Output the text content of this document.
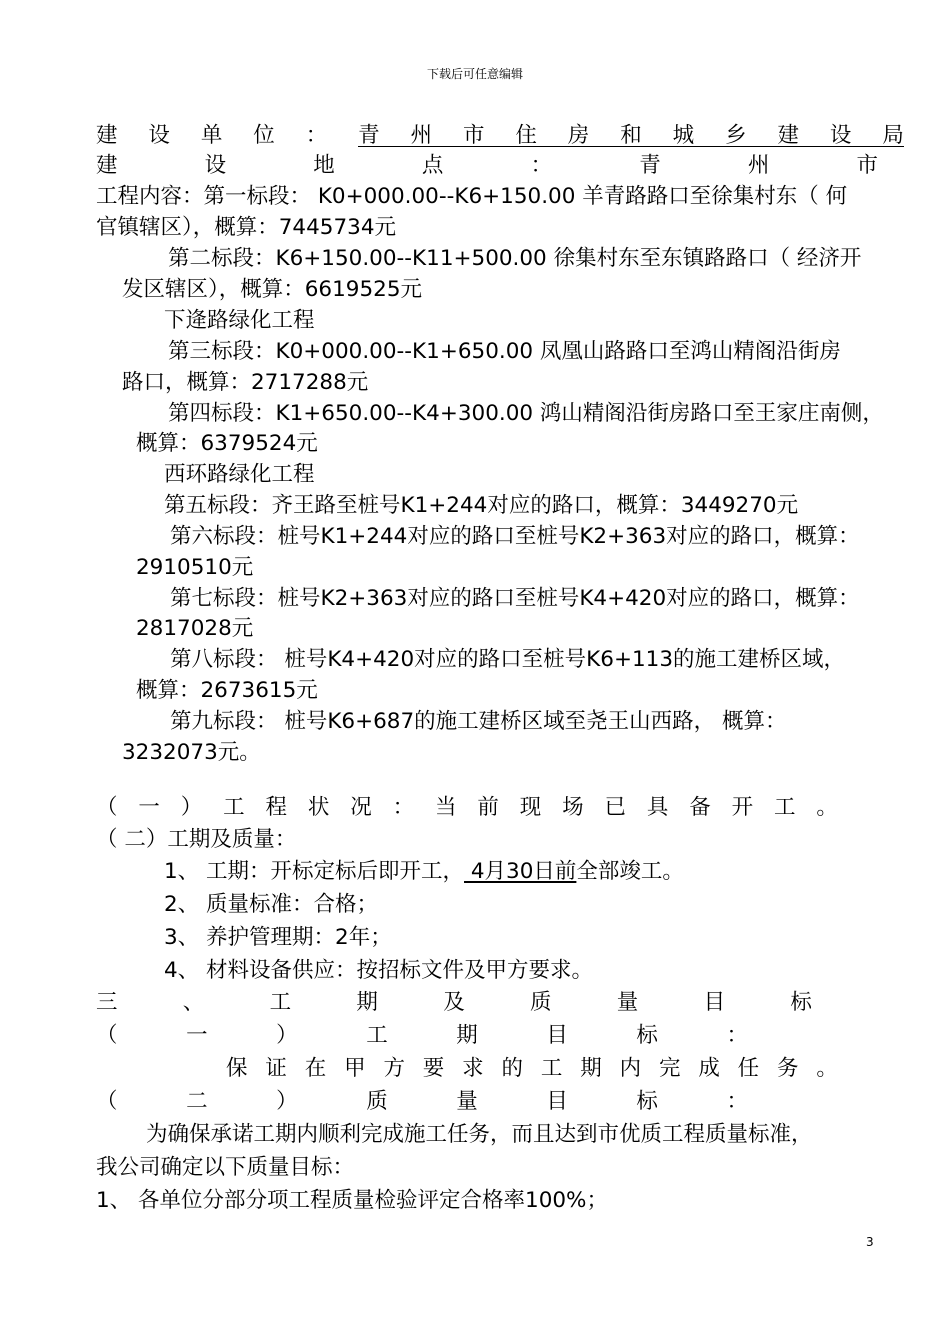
下载后可任意编辑
建 设 单 位 ： 青 州 市 住 房 和 城 乡 建 设 局
建	设	地	点	：	青	州	市
工程内容：第一标段： K0+000.00--K6+150.00 羊青路路口至徐集村东（ 何
官镇辖区），概算：7445734元
第二标段：K6+150.00--K11+500.00 徐集村东至东镇路路口（ 经济开
发区辖区），概算：6619525元
下逄路绿化工程
第三标段：K0+000.00--K1+650.00 凤凰山路路口至鸿山精阁沿街房
路口，概算：2717288元
第四标段：K1+650.00--K4+300.00 鸿山精阁沿街房路口至王家庄南侧，
概算：6379524元
西环路绿化工程
第五标段：齐王路至桩号K1+244对应的路口，概算：3449270元
第六标段：桩号K1+244对应的路口至桩号K2+363对应的路口，概算：
2910510元
第七标段：桩号K2+363对应的路口至桩号K4+420对应的路口，概算：
2817028元
第八标段： 桩号K4+420对应的路口至桩号K6+113的施工建桥区域，
概算：2673615元
第九标段： 桩号K6+687的施工建桥区域至尧王山西路， 概算：
3232073元。
（ 一 ） 工 程 状 况 ： 当 前 现 场 已 具 备 开 工 。
（ 二）工期及质量：
1、 工期：开标定标后即开工， 4月30日前全部竣工。
2、 质量标准：合格；
3、 养护管理期：2年；
4、 材料设备供应：按招标文件及甲方要求。
三	、	工	期	及	质	量	目	标
（	一	）	工	期	目	标	：
保 证 在 甲 方 要 求 的 工 期 内 完 成 任 务 。
（	二	）	质	量	目	标	：
为确保承诺工期内顺利完成施工任务，而且达到市优质工程质量标准，
我公司确定以下质量目标：
1、 各单位分部分项工程质量检验评定合格率100%；
3
